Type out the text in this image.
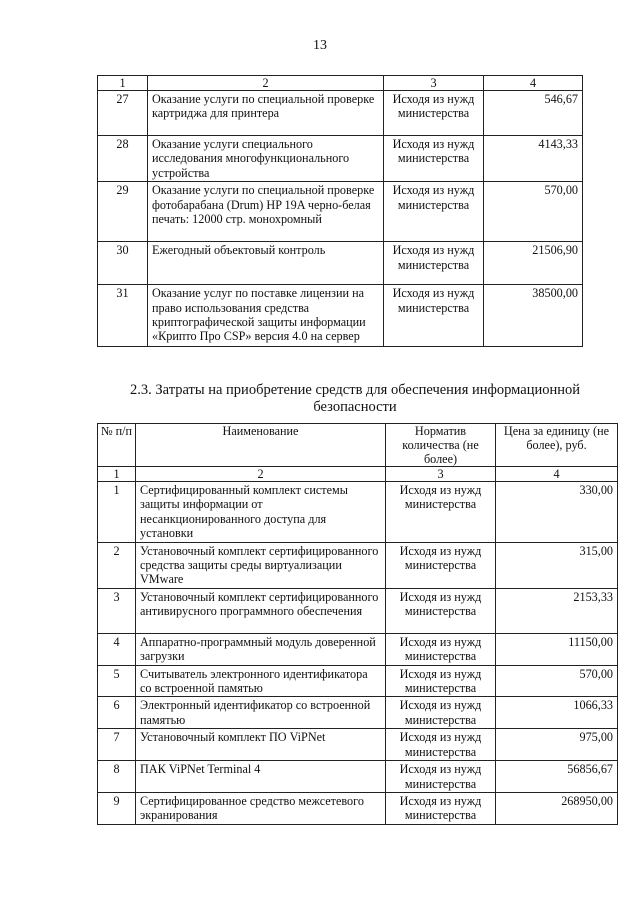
13
1	2	3	4
27	Оказание услуги по специальной проверке картриджа для принтера	Исходя из нужд министерства	546,67
28	Оказание услуги специального исследования многофункционального устройства	Исходя из нужд министерства	4143,33
29	Оказание услуги по специальной проверке фотобарабана (Drum) HP 19A черно-белая печать: 12000 стр. монохромный	Исходя из нужд министерства	570,00
30	Ежегодный объектовый контроль	Исходя из нужд министерства	21506,90
31	Оказание услуг по поставке лицензии на право использования средства криптографической защиты информации «Крипто Про CSP» версия 4.0 на сервер	Исходя из нужд министерства	38500,00
2.3. Затраты на приобретение средств для обеспечения информационной безопасности
№ п/п	Наименование	Норматив количества (не более)	Цена за единицу (не более), руб.
1	2	3	4
1	Сертифицированный комплект системы защиты информации от несанкционированного доступа для установки	Исходя из нужд министерства	330,00
2	Установочный комплект сертифицированного средства защиты среды виртуализации VMware	Исходя из нужд министерства	315,00
3	Установочный комплект сертифицированного антивирусного программного обеспечения	Исходя из нужд министерства	2153,33
4	Аппаратно-программный модуль доверенной загрузки	Исходя из нужд министерства	11150,00
5	Считыватель электронного идентификатора со встроенной памятью	Исходя из нужд министерства	570,00
6	Электронный идентификатор со встроенной памятью	Исходя из нужд министерства	1066,33
7	Установочный комплект ПО ViPNet	Исходя из нужд министерства	975,00
8	ПАК ViPNet Terminal 4	Исходя из нужд министерства	56856,67
9	Сертифицированное средство межсетевого экранирования	Исходя из нужд министерства	268950,00
